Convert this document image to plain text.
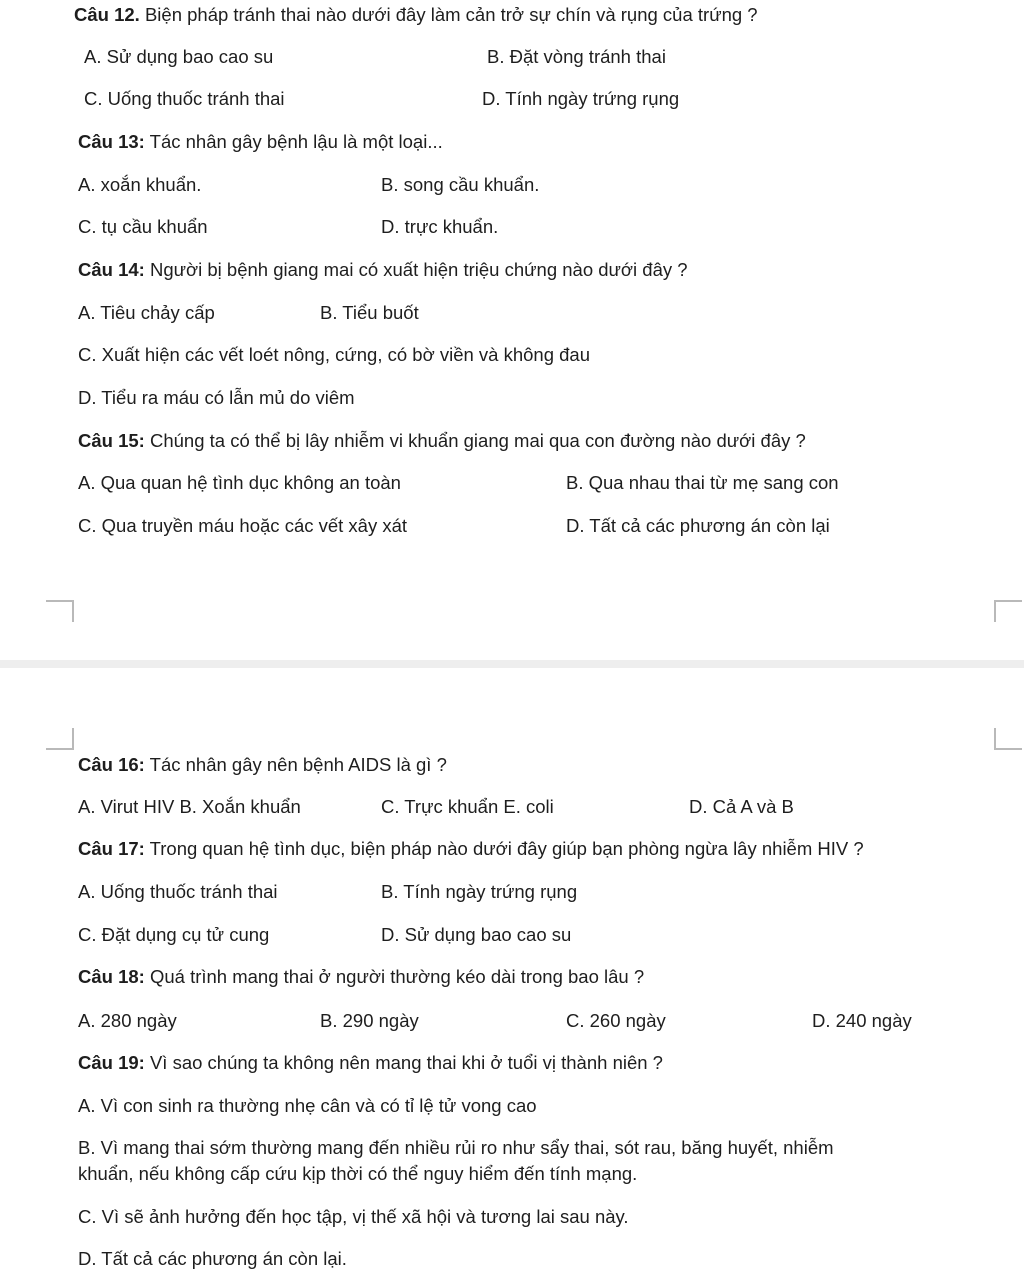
Câu 12. Biện pháp tránh thai nào dưới đây làm cản trở sự chín và rụng của trứng ?
A. Sử dụng bao cao su	B. Đặt vòng tránh thai
C. Uống thuốc tránh thai	D. Tính ngày trứng rụng
Câu 13: Tác nhân gây bệnh lậu là một loại...
A. xoắn khuẩn.	B. song cầu khuẩn.
C. tụ cầu khuẩn	D. trực khuẩn.
Câu 14: Người bị bệnh giang mai có xuất hiện triệu chứng nào dưới đây ?
A. Tiêu chảy cấp	B. Tiểu buốt
C. Xuất hiện các vết loét nông, cứng, có bờ viền và không đau
D. Tiểu ra máu có lẫn mủ do viêm
Câu 15: Chúng ta có thể bị lây nhiễm vi khuẩn giang mai qua con đường nào dưới đây ?
A. Qua quan hệ tình dục không an toàn	B. Qua nhau thai từ mẹ sang con
C. Qua truyền máu hoặc các vết xây xát	D. Tất cả các phương án còn lại
Câu 16: Tác nhân gây nên bệnh AIDS là gì ?
A. Virut HIV B. Xoắn khuẩn	C. Trực khuẩn E. coli	D. Cả A và B
Câu 17: Trong quan hệ tình dục, biện pháp nào dưới đây giúp bạn phòng ngừa lây nhiễm HIV ?
A. Uống thuốc tránh thai	B. Tính ngày trứng rụng
C. Đặt dụng cụ tử cung	D. Sử dụng bao cao su
Câu 18: Quá trình mang thai ở người thường kéo dài trong bao lâu ?
A. 280 ngày	B. 290 ngày	C. 260 ngày	D. 240 ngày
Câu 19: Vì sao chúng ta không nên mang thai khi ở tuổi vị thành niên ?
A. Vì con sinh ra thường nhẹ cân và có tỉ lệ tử vong cao
B. Vì mang thai sớm thường mang đến nhiều rủi ro như sẩy thai, sót rau, băng huyết, nhiễm
khuẩn, nếu không cấp cứu kịp thời có thể nguy hiểm đến tính mạng.
C. Vì sẽ ảnh hưởng đến học tập, vị thế xã hội và tương lai sau này.
D. Tất cả các phương án còn lại.
